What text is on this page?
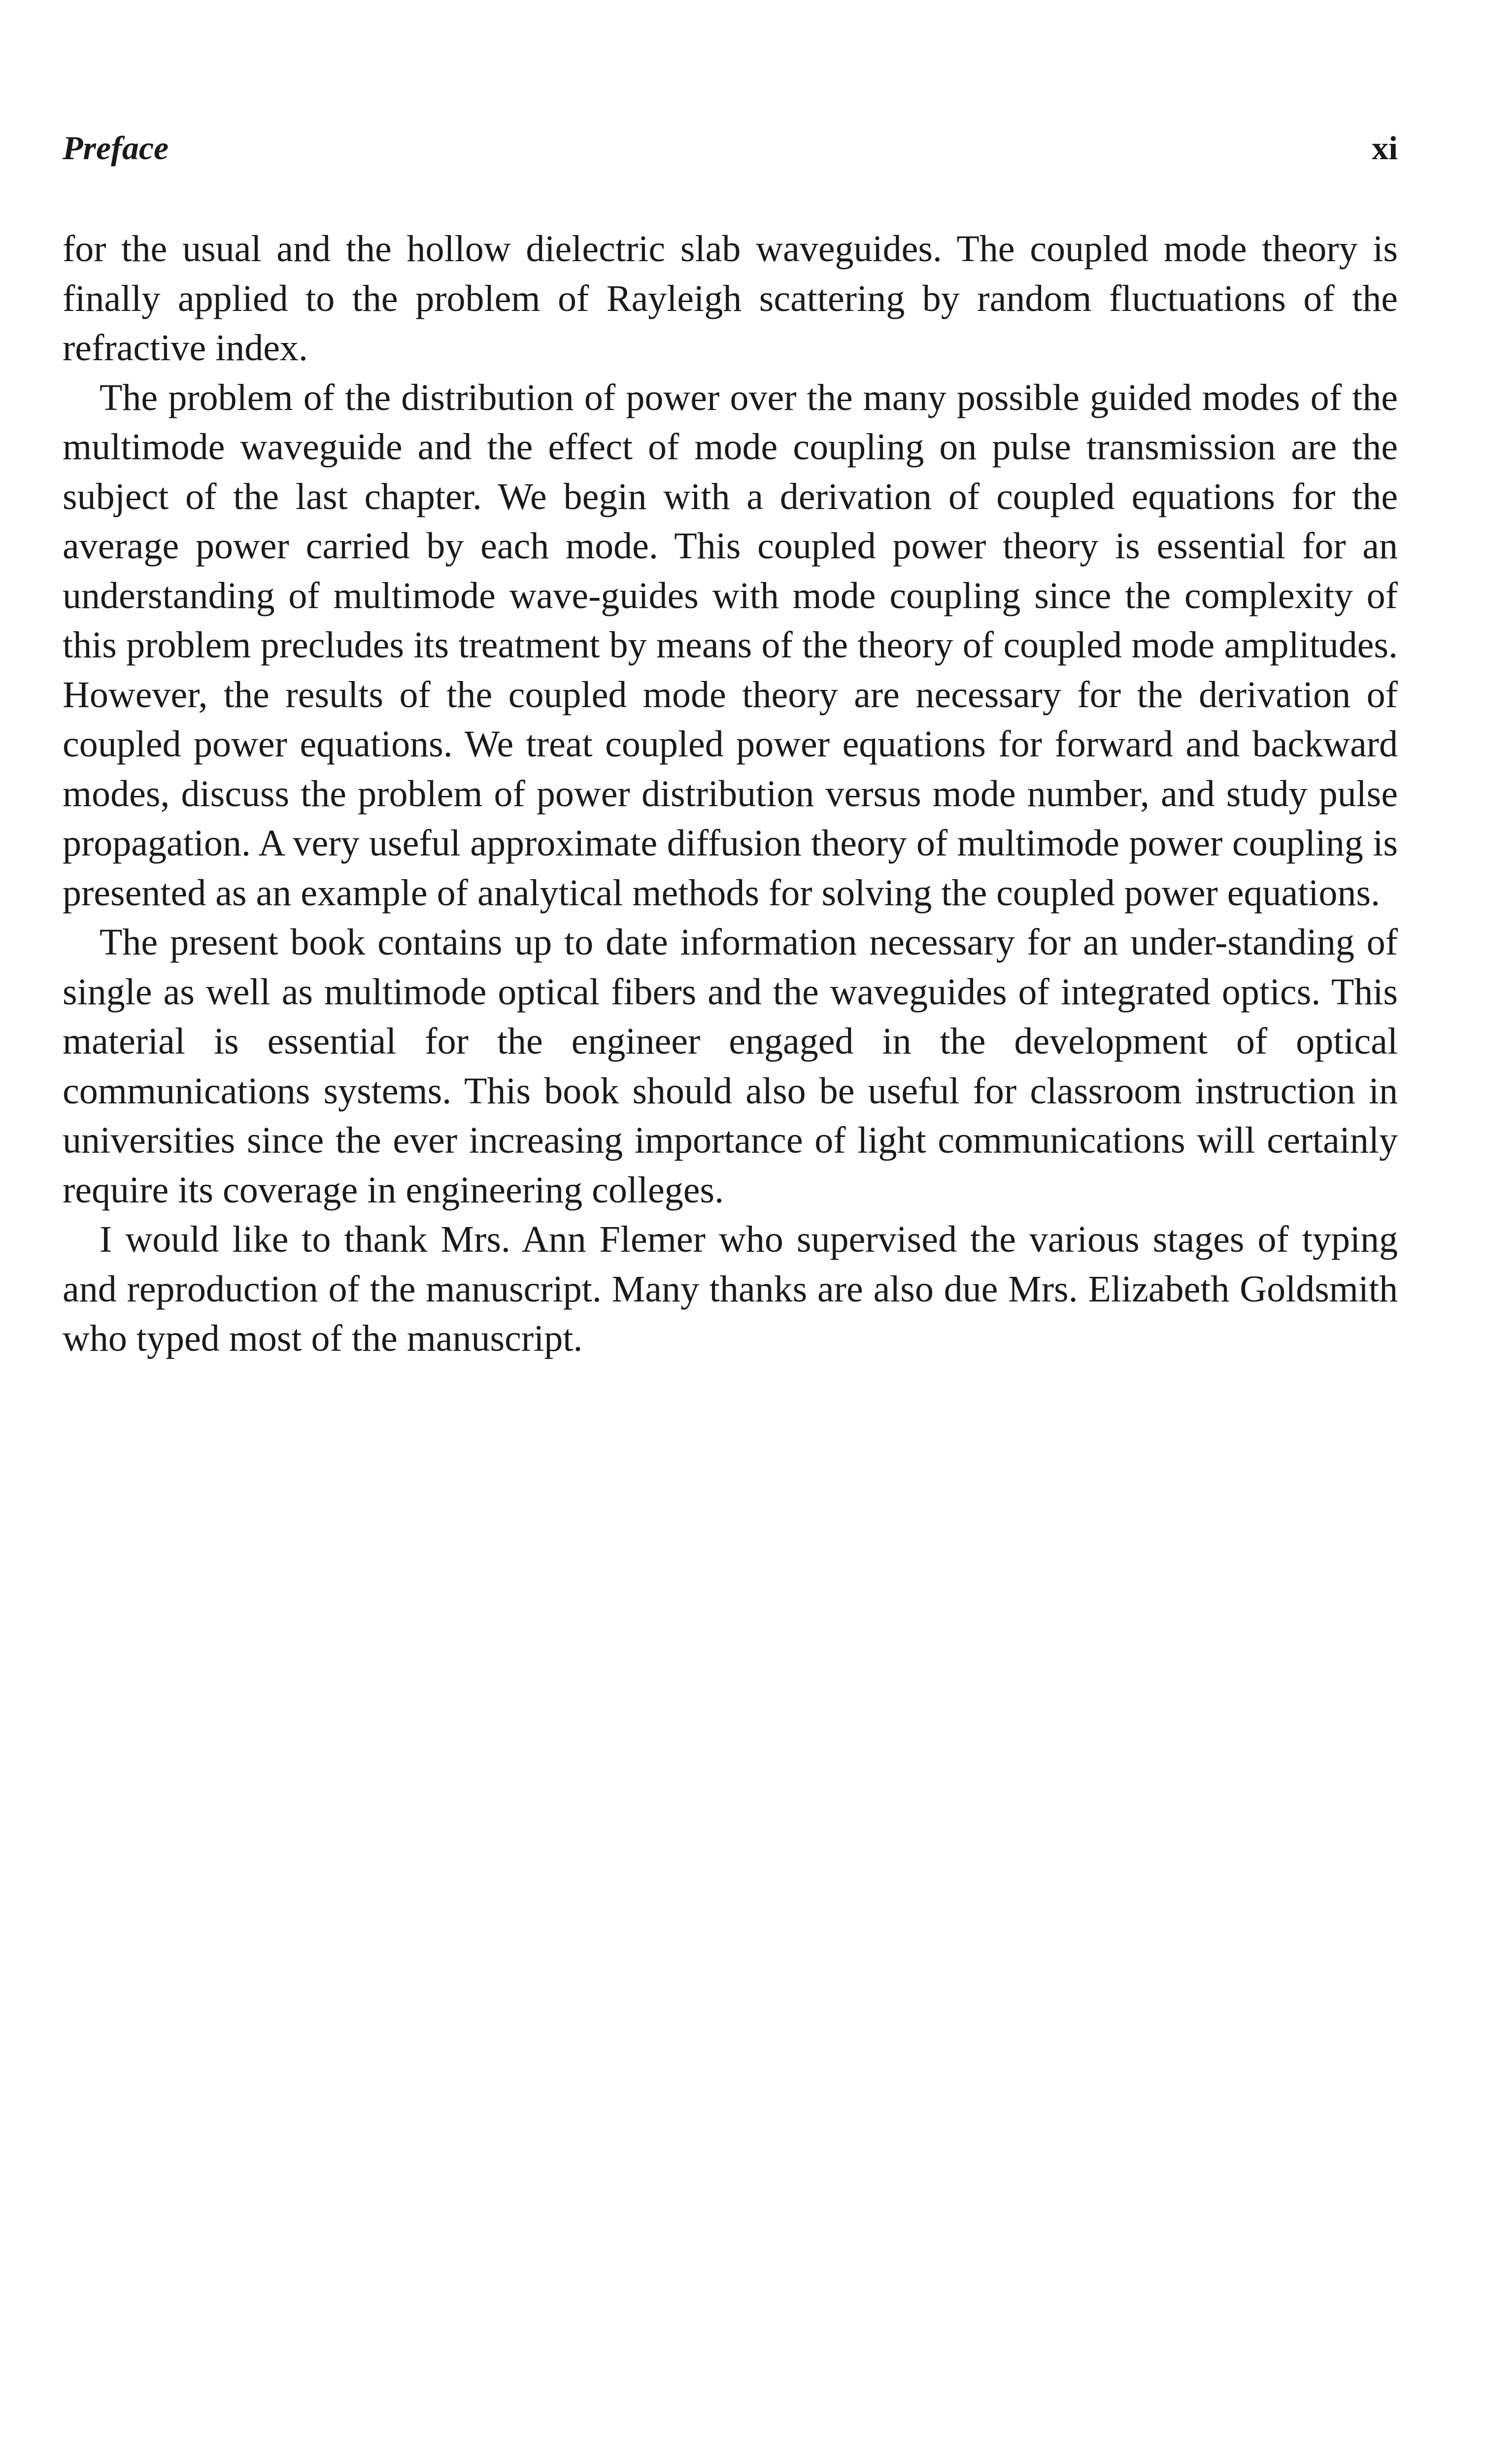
Preface	xi

for the usual and the hollow dielectric slab waveguides. The coupled mode theory is finally applied to the problem of Rayleigh scattering by random fluctuations of the refractive index.

The problem of the distribution of power over the many possible guided modes of the multimode waveguide and the effect of mode coupling on pulse transmission are the subject of the last chapter. We begin with a derivation of coupled equations for the average power carried by each mode. This coupled power theory is essential for an understanding of multimode wave-guides with mode coupling since the complexity of this problem precludes its treatment by means of the theory of coupled mode amplitudes. However, the results of the coupled mode theory are necessary for the derivation of coupled power equations. We treat coupled power equations for forward and backward modes, discuss the problem of power distribution versus mode number, and study pulse propagation. A very useful approximate diffusion theory of multimode power coupling is presented as an example of analytical methods for solving the coupled power equations.

The present book contains up to date information necessary for an under-standing of single as well as multimode optical fibers and the waveguides of integrated optics. This material is essential for the engineer engaged in the development of optical communications systems. This book should also be useful for classroom instruction in universities since the ever increasing importance of light communications will certainly require its coverage in engineering colleges.

I would like to thank Mrs. Ann Flemer who supervised the various stages of typing and reproduction of the manuscript. Many thanks are also due Mrs. Elizabeth Goldsmith who typed most of the manuscript.
